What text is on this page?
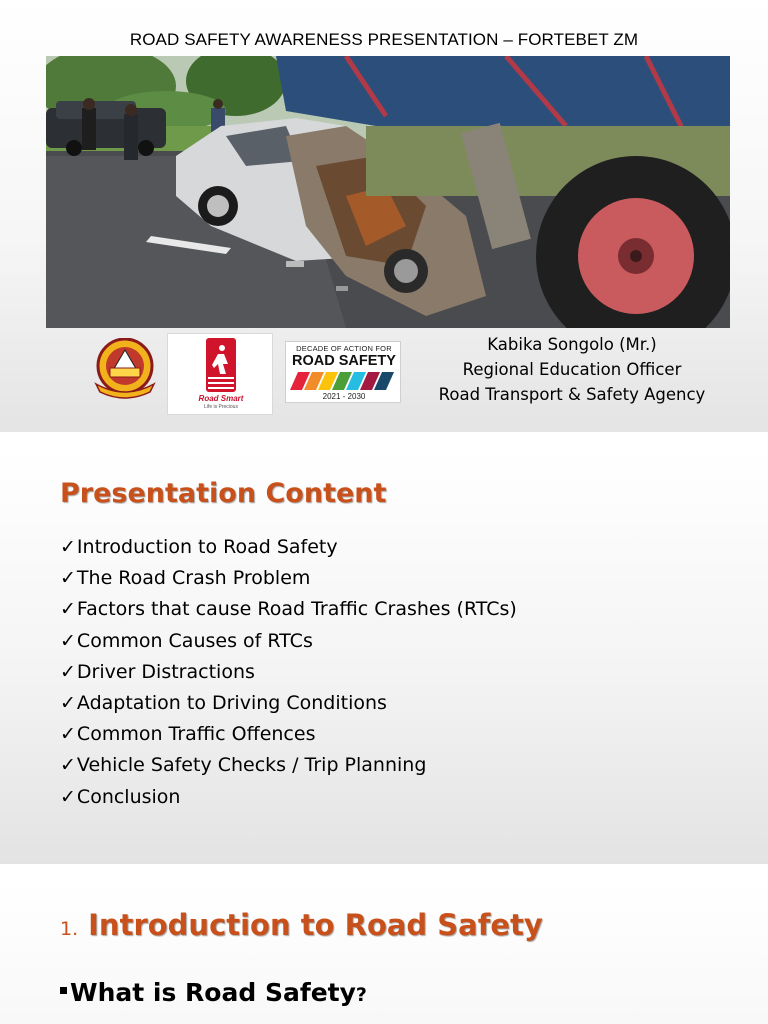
ROAD SAFETY AWARENESS PRESENTATION – FORTEBET ZM
Road Smart
Life is Precious
DECADE OF ACTION FOR
ROAD SAFETY
2021 - 2030
Kabika Songolo (Mr.)
Regional Education Officer
Road Transport & Safety Agency
Presentation Content
✓Introduction to Road Safety
✓The Road Crash Problem
✓Factors that cause Road Traffic Crashes (RTCs)
✓Common Causes of RTCs
✓Driver Distractions
✓Adaptation to Driving Conditions
✓Common Traffic Offences
✓Vehicle Safety Checks / Trip Planning
✓Conclusion
1. Introduction to Road Safety
What is Road Safety?
